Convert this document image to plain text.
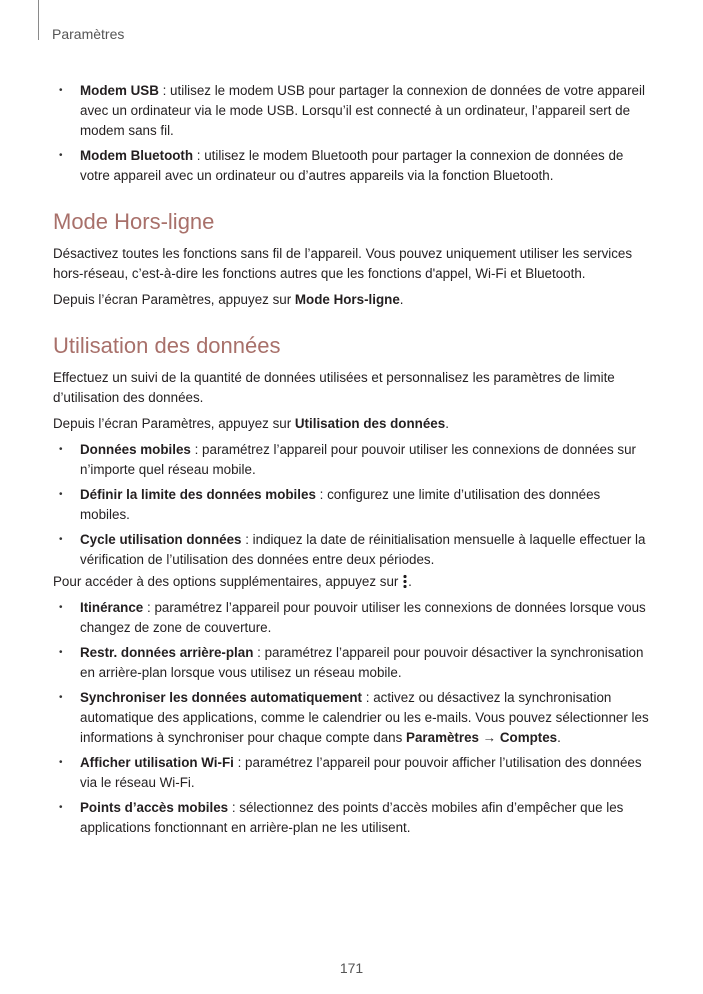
Paramètres
• Modem USB : utilisez le modem USB pour partager la connexion de données de votre appareil avec un ordinateur via le mode USB. Lorsqu’il est connecté à un ordinateur, l’appareil sert de modem sans fil.
• Modem Bluetooth : utilisez le modem Bluetooth pour partager la connexion de données de votre appareil avec un ordinateur ou d’autres appareils via la fonction Bluetooth.
Mode Hors-ligne

Désactivez toutes les fonctions sans fil de l’appareil. Vous pouvez uniquement utiliser les services hors-réseau, c’est-à-dire les fonctions autres que les fonctions d'appel, Wi-Fi et Bluetooth.

Depuis l’écran Paramètres, appuyez sur Mode Hors-ligne.

Utilisation des données

Effectuez un suivi de la quantité de données utilisées et personnalisez les paramètres de limite d’utilisation des données.

Depuis l’écran Paramètres, appuyez sur Utilisation des données.

• Données mobiles : paramétrez l’appareil pour pouvoir utiliser les connexions de données sur n’importe quel réseau mobile.
• Définir la limite des données mobiles : configurez une limite d’utilisation des données mobiles.
• Cycle utilisation données : indiquez la date de réinitialisation mensuelle à laquelle effectuer la vérification de l’utilisation des données entre deux périodes.

Pour accéder à des options supplémentaires, appuyez sur .

• Itinérance : paramétrez l’appareil pour pouvoir utiliser les connexions de données lorsque vous changez de zone de couverture.
• Restr. données arrière-plan : paramétrez l’appareil pour pouvoir désactiver la synchronisation en arrière-plan lorsque vous utilisez un réseau mobile.
• Synchroniser les données automatiquement : activez ou désactivez la synchronisation automatique des applications, comme le calendrier ou les e-mails. Vous pouvez sélectionner les informations à synchroniser pour chaque compte dans Paramètres → Comptes.
• Afficher utilisation Wi-Fi : paramétrez l’appareil pour pouvoir afficher l’utilisation des données via le réseau Wi-Fi.
• Points d’accès mobiles : sélectionnez des points d’accès mobiles afin d’empêcher que les applications fonctionnant en arrière-plan ne les utilisent.
171
